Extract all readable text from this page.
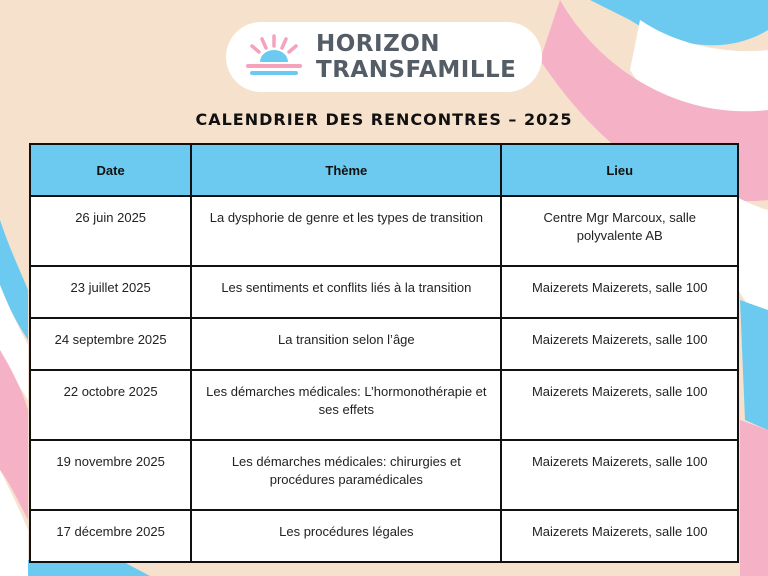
HORIZON
TRANSFAMILLE
CALENDRIER DES RENCONTRES – 2025
Date	Thème	Lieu
26 juin 2025	La dysphorie de genre et les types de transition	Centre Mgr Marcoux, salle polyvalente AB
23 juillet 2025	Les sentiments et conflits liés à la transition	Maizerets Maizerets, salle 100
24 septembre 2025	La transition selon l’âge	Maizerets Maizerets, salle 100
22 octobre 2025	Les démarches médicales: L’hormonothérapie et ses effets	Maizerets Maizerets, salle 100
19 novembre 2025	Les démarches médicales: chirurgies et procédures paramédicales	Maizerets Maizerets, salle 100
17 décembre 2025	Les procédures légales	Maizerets Maizerets, salle 100
